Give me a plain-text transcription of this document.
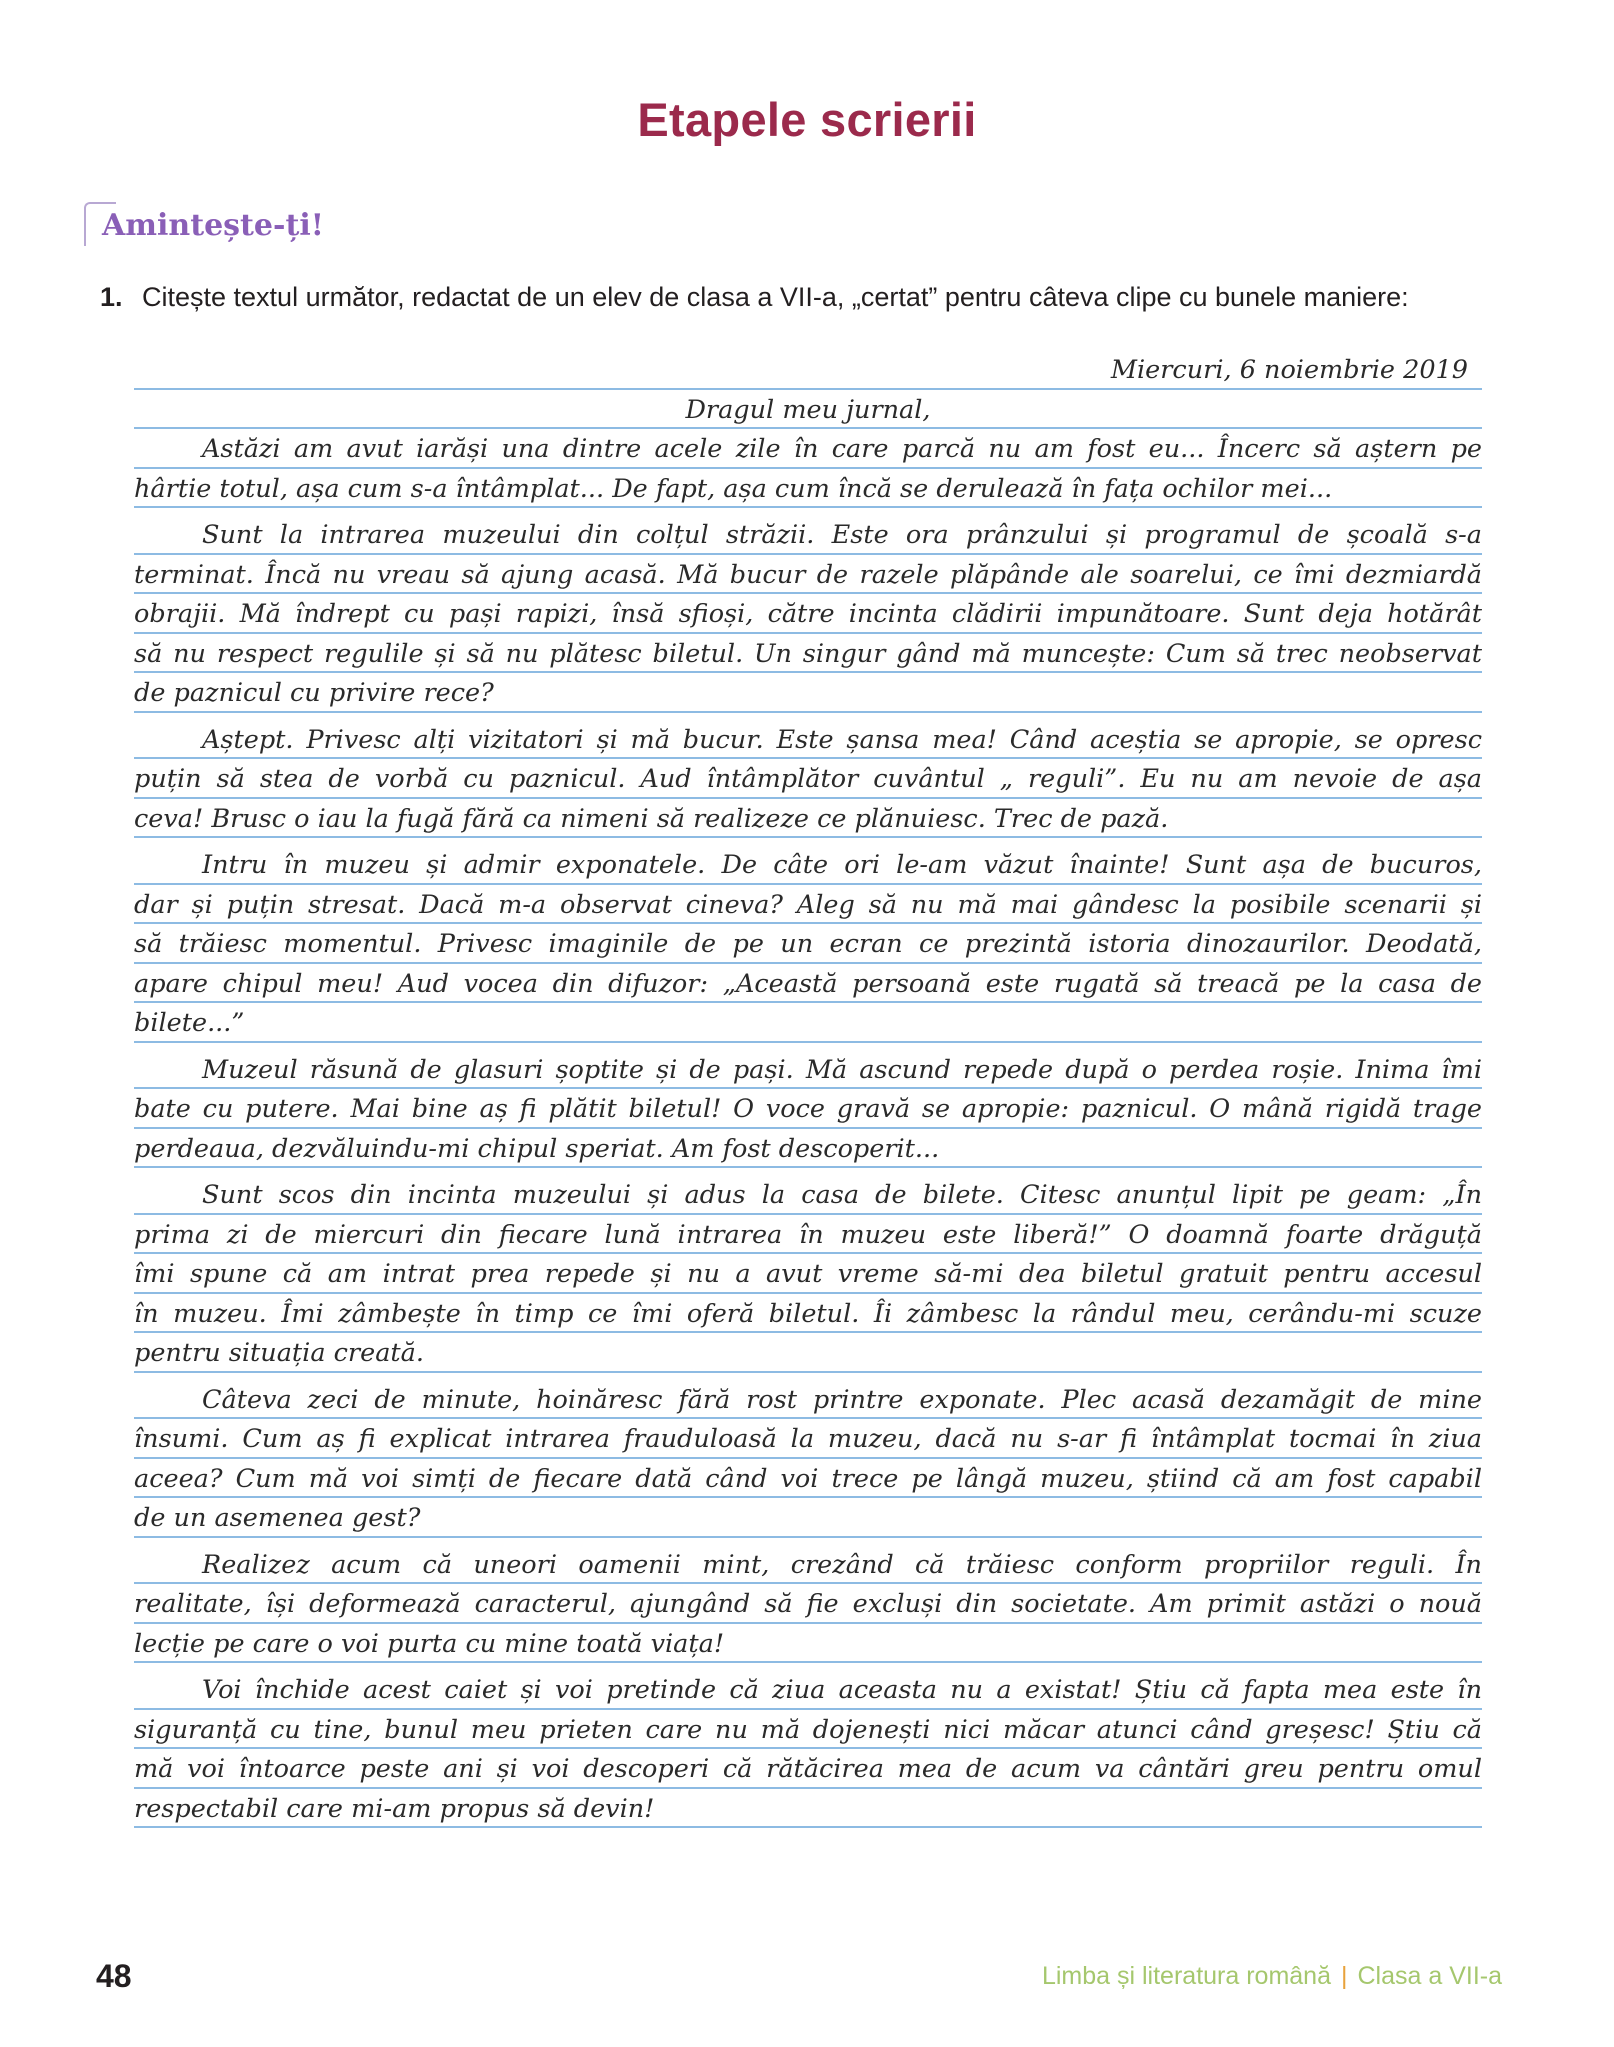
Etapele scrierii
Amintește-ți!
1. Citește textul următor, redactat de un elev de clasa a VII-a, „certat” pentru câteva clipe cu bunele maniere:
Miercuri, 6 noiembrie 2019
Dragul meu jurnal,
Astăzi am avut iarăși una dintre acele zile în care parcă nu am fost eu... Încerc să aștern pe
hârtie totul, așa cum s-a întâmplat... De fapt, așa cum încă se derulează în fața ochilor mei...
Sunt la intrarea muzeului din colțul străzii. Este ora prânzului și programul de școală s-a
terminat. Încă nu vreau să ajung acasă. Mă bucur de razele plăpânde ale soarelui, ce îmi dezmiardă
obrajii. Mă îndrept cu pași rapizi, însă sfioși, către incinta clădirii impunătoare. Sunt deja hotărât
să nu respect regulile și să nu plătesc biletul. Un singur gând mă muncește: Cum să trec neobservat
de paznicul cu privire rece?
Aștept. Privesc alți vizitatori și mă bucur. Este șansa mea! Când aceștia se apropie, se opresc
puțin să stea de vorbă cu paznicul. Aud întâmplător cuvântul „ reguli”. Eu nu am nevoie de așa
ceva! Brusc o iau la fugă fără ca nimeni să realizeze ce plănuiesc. Trec de pază.
Intru în muzeu și admir exponatele. De câte ori le-am văzut înainte! Sunt așa de bucuros,
dar și puțin stresat. Dacă m-a observat cineva? Aleg să nu mă mai gândesc la posibile scenarii și
să trăiesc momentul. Privesc imaginile de pe un ecran ce prezintă istoria dinozaurilor. Deodată,
apare chipul meu! Aud vocea din difuzor: „Această persoană este rugată să treacă pe la casa de
bilete...”
Muzeul răsună de glasuri șoptite și de pași. Mă ascund repede după o perdea roșie. Inima îmi
bate cu putere. Mai bine aș fi plătit biletul! O voce gravă se apropie: paznicul. O mână rigidă trage
perdeaua, dezvăluindu-mi chipul speriat. Am fost descoperit...
Sunt scos din incinta muzeului și adus la casa de bilete. Citesc anunțul lipit pe geam: „În
prima zi de miercuri din fiecare lună intrarea în muzeu este liberă!” O doamnă foarte drăguță
îmi spune că am intrat prea repede și nu a avut vreme să-mi dea biletul gratuit pentru accesul
în muzeu. Îmi zâmbește în timp ce îmi oferă biletul. Îi zâmbesc la rândul meu, cerându-mi scuze
pentru situația creată.
Câteva zeci de minute, hoinăresc fără rost printre exponate. Plec acasă dezamăgit de mine
însumi. Cum aș fi explicat intrarea frauduloasă la muzeu, dacă nu s-ar fi întâmplat tocmai în ziua
aceea? Cum mă voi simți de fiecare dată când voi trece pe lângă muzeu, știind că am fost capabil
de un asemenea gest?
Realizez acum că uneori oamenii mint, crezând că trăiesc conform propriilor reguli. În
realitate, își deformează caracterul, ajungând să fie excluși din societate. Am primit astăzi o nouă
lecție pe care o voi purta cu mine toată viața!
Voi închide acest caiet și voi pretinde că ziua aceasta nu a existat! Știu că fapta mea este în
siguranță cu tine, bunul meu prieten care nu mă dojenești nici măcar atunci când greșesc! Știu că
mă voi întoarce peste ani și voi descoperi că rătăcirea mea de acum va cântări greu pentru omul
respectabil care mi-am propus să devin!
48	Limba și literatura română | Clasa a VII-a
